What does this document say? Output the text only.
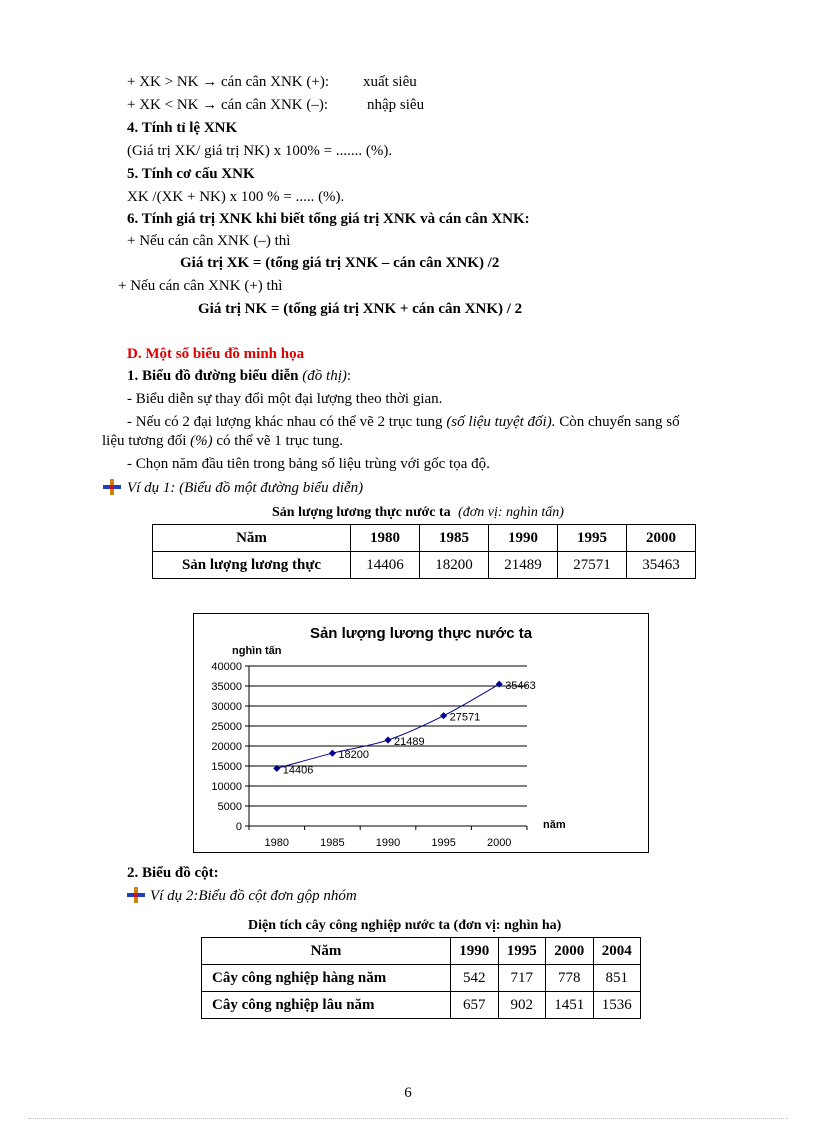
+ XK > NK → cán cân XNK (+): xuất siêu
+ XK < NK → cán cân XNK (–):	nhập siêu
4. Tính tỉ lệ XNK
(Giá trị XK/ giá trị NK) x 100% = ....... (%).
5. Tính cơ cấu XNK
XK /(XK + NK) x 100 % = ..... (%).
6. Tính giá trị XNK khi biết tổng giá trị XNK và cán cân XNK:
+ Nếu cán cân XNK (–) thì
Giá trị XK = (tổng giá trị XNK – cán cân XNK) /2
+ Nếu cán cân XNK (+) thì
Giá trị NK = (tổng giá trị XNK + cán cân XNK) / 2
D. Một số biểu đồ minh họa
1. Biểu đồ đường biểu diễn (đồ thị):
- Biểu diễn sự thay đổi một đại lượng theo thời gian.
- Nếu có 2 đại lượng khác nhau có thể vẽ 2 trục tung (số liệu tuyệt đối). Còn chuyển sang số
liệu tương đối (%) có thể vẽ 1 trục tung.
- Chọn năm đầu tiên trong bảng số liệu trùng với gốc tọa độ.
Ví dụ 1: (Biểu đồ một đường biểu diễn)
Sản lượng lương thực nước ta (đơn vị: nghìn tấn)
Năm	1980	1985	1990	1995	2000
Sản lượng lương thực	14406	18200	21489	27571	35463
Sản lượng lương thực nước ta
nghìn tấn
năm
0
5000
10000
15000
20000
25000
30000
35000
40000
1980	1985	1990	1995	2000
14406
18200
21489
27571
35463
2. Biểu đồ cột:
Ví dụ 2:Biểu đồ cột đơn gộp nhóm
Diện tích cây công nghiệp nước ta (đơn vị: nghìn ha)
Năm	1990	1995	2000	2004
Cây công nghiệp hàng năm	542	717	778	851
Cây công nghiệp lâu năm	657	902	1451	1536
6
